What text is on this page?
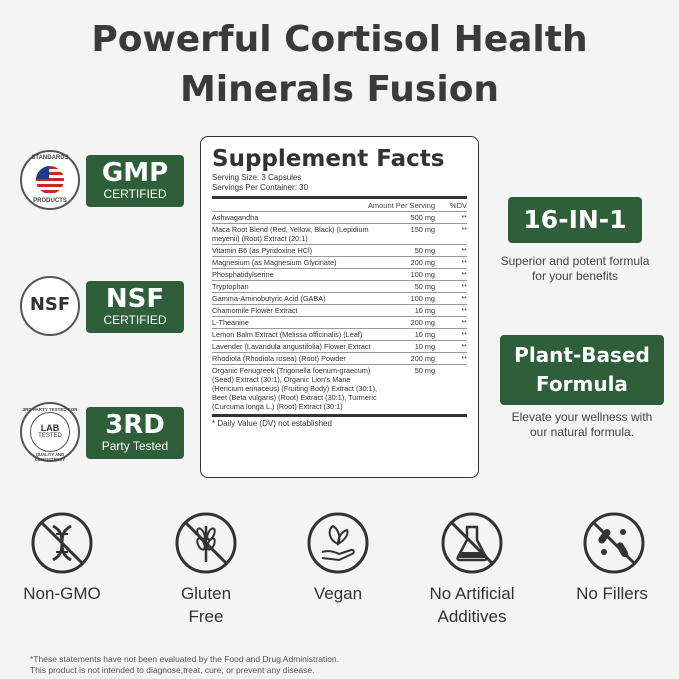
Powerful Cortisol Health
Minerals Fusion
STANDARDS
PRODUCTS
GMP
CERTIFIED
NSF	NSF
CERTIFIED
3RD PARTY TESTED FOR
LAB
TESTED
QUALITY AND CONSISTENCY
3RD
Party Tested
Supplement Facts
Serving Size: 3 Capsules
Servings Per Container: 30
Amount Per Serving	%DV
Ashwagandha	500 mg	**
Maca Root Blend (Red, Yellow, Black) (Lepidium meyenii) (Root) Extract (20:1)
150 mg	**
Vitamin B6 (as Pyridoxine HCl)	50 mg	**
Magnesium (as Magnesium Glycinate)	200 mg	**
Phosphatidylserine	100 mg	**
Tryptophan	50 mg	**
Gamma-Aminobutyric Acid (GABA)	100 mg	**
Chamomile Flower Extract	10 mg	**
L-Theanine	200 mg	**
Lemon Balm Extract (Melissa officinalis) (Leaf)	10 mg	**
Lavender (Lavandula angustifolia) Flower Extract	10 mg	**
Rhodiola (Rhodiola rosea) (Root) Powder	200 mg	**
Organic Fenugreek (Trigonella foenum-graecum) (Seed) Extract (30:1), Organic Lion's Mane (Hericium erinaceus) (Fruiting Body) Extract (30:1), Beet (Beta vulgaris) (Root) Extract (30:1), Turmeric (Curcuma longa L.) (Root) Extract (30:1)
50 mg
* Daily Value (DV) not established
16-IN-1
Superior and potent formula
for your benefits
Plant-Based
Formula
Elevate your wellness with
our natural formula.
Non-GMO	Gluten
Free
Vegan	No Artificial
Additives
No Fillers
*These statements have not been evaluated by the Food and Drug Administration.
This product is not intended to diagnose,treat, cure, or prevent any disease.
